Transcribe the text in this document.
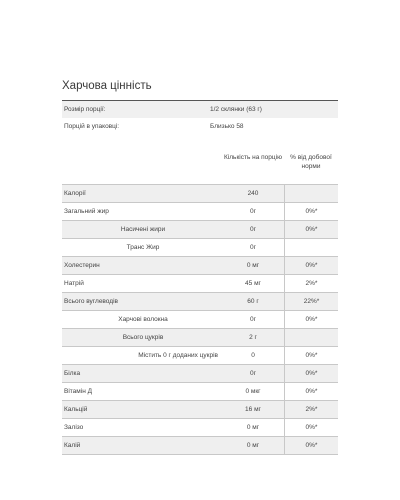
Харчова цінність
Розмір порції:	1/2 склянки (63 г)
Порцій в упаковці:	Близько 58
Кількість на порцію	% від добової норми
Калорії	240
Загальний жир	0г	0%*
Насичені жири	0г	0%*
Транс Жир	0г
Холестерин	0 мг	0%*
Натрій	45 мг	2%*
Всього вуглеводів	60 г	22%*
Харчові волокна	0г	0%*
Всього цукрів	2 г
Містить 0 г доданих цукрів	0	0%*
Білка	0г	0%*
Вітамін Д	0 мкг	0%*
Кальцій	16 мг	2%*
Залізо	0 мг	0%*
Калій	0 мг	0%*
